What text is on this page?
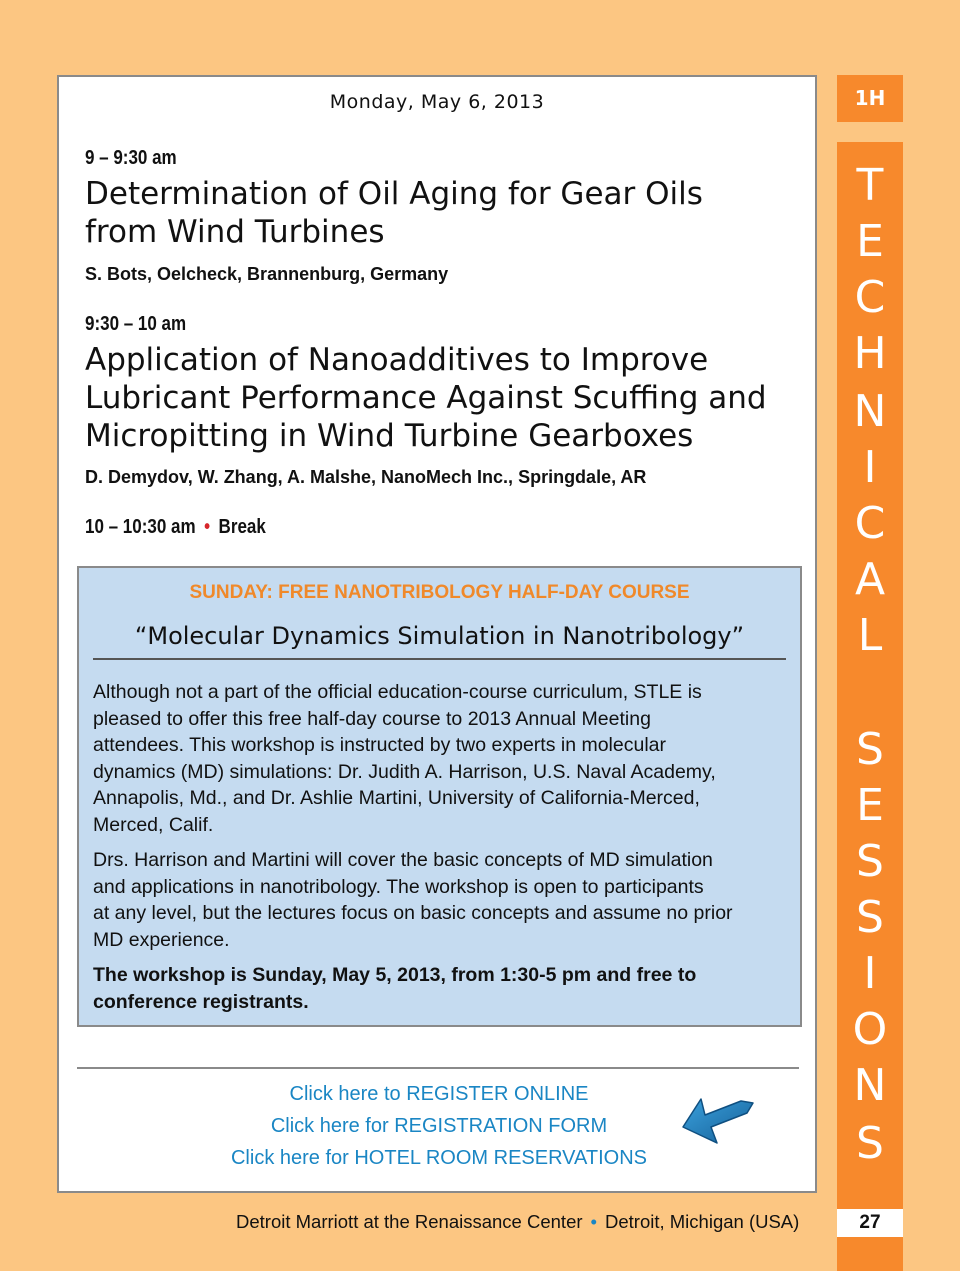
Monday, May 6, 2013
9 – 9:30 am
Determination of Oil Aging for Gear Oils
from Wind Turbines
S. Bots, Oelcheck, Brannenburg, Germany
9:30 – 10 am
Application of Nanoadditives to Improve
Lubricant Performance Against Scuffing and
Micropitting in Wind Turbine Gearboxes
D. Demydov, W. Zhang, A. Malshe, NanoMech Inc., Springdale, AR
10 – 10:30 am • Break
SUNDAY: FREE NANOTRIBOLOGY HALF-DAY COURSE
“Molecular Dynamics Simulation in Nanotribology”
Although not a part of the official education-course curriculum, STLE is
pleased to offer this free half-day course to 2013 Annual Meeting
attendees. This workshop is instructed by two experts in molecular
dynamics (MD) simulations: Dr. Judith A. Harrison, U.S. Naval Academy,
Annapolis, Md., and Dr. Ashlie Martini, University of California-Merced,
Merced, Calif.
Drs. Harrison and Martini will cover the basic concepts of MD simulation
and applications in nanotribology. The workshop is open to participants
at any level, but the lectures focus on basic concepts and assume no prior
MD experience.
The workshop is Sunday, May 5, 2013, from 1:30-5 pm and free to
conference registrants.
Click here to REGISTER ONLINE
Click here for REGISTRATION FORM
Click here for HOTEL ROOM RESERVATIONS
Detroit Marriott at the Renaissance Center • Detroit, Michigan (USA)
1H
T
E
C
H
N
I
C
A
L
S
E
S
S
I
O
N
S
27
